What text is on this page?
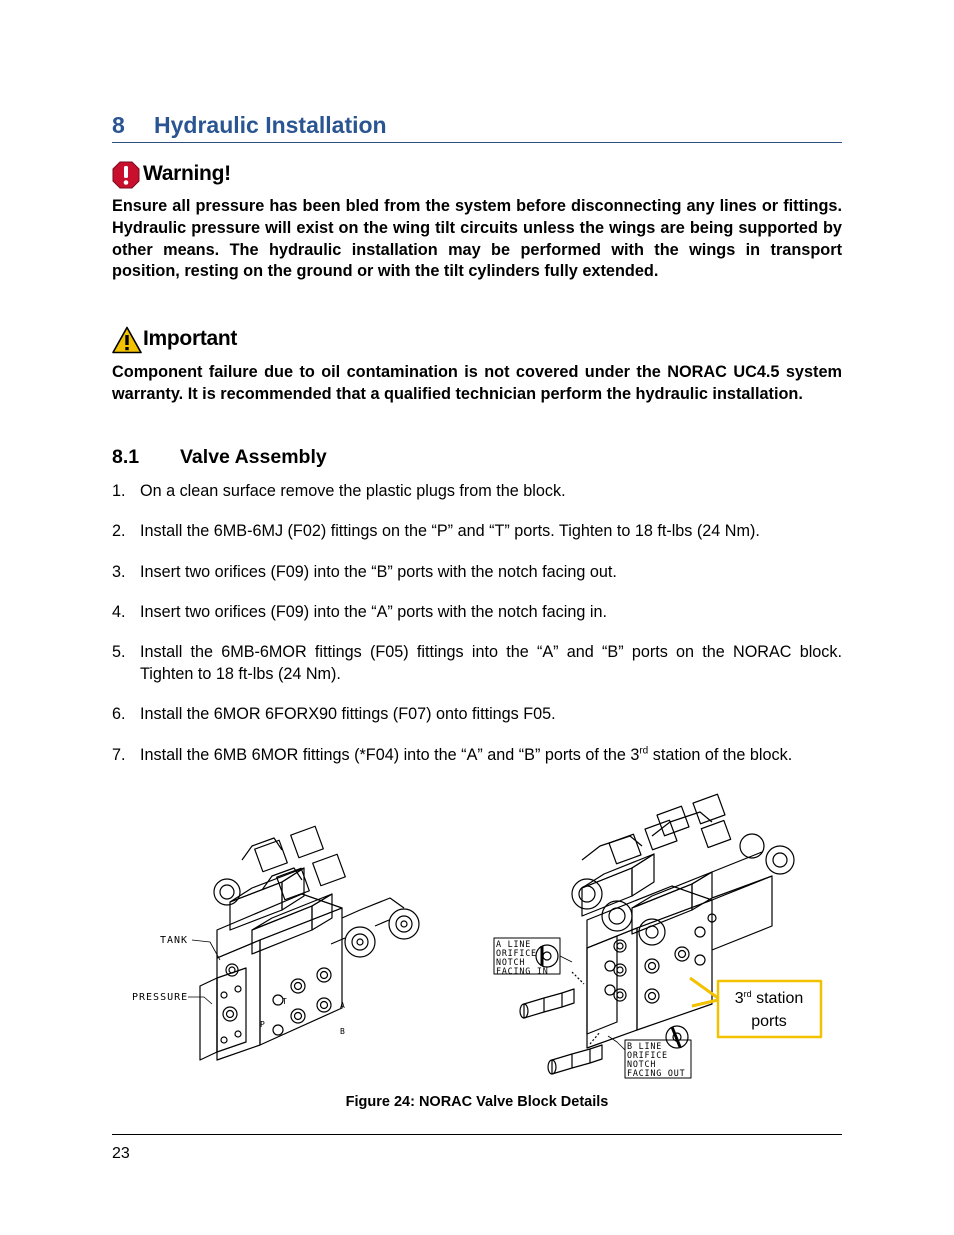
8 Hydraulic Installation
Warning!

Ensure all pressure has been bled from the system before disconnecting any lines or fittings. Hydraulic pressure will exist on the wing tilt circuits unless the wings are being supported by other means. The hydraulic installation may be performed with the wings in transport position, resting on the ground or with the tilt cylinders fully extended.

Important

Component failure due to oil contamination is not covered under the NORAC UC4.5 system warranty. It is recommended that a qualified technician perform the hydraulic installation.

8.1 Valve Assembly
1. On a clean surface remove the plastic plugs from the block.
2. Install the 6MB-6MJ (F02) fittings on the “P” and “T” ports. Tighten to 18 ft-lbs (24 Nm).
3. Insert two orifices (F09) into the “B” ports with the notch facing out.
4. Insert two orifices (F09) into the “A” ports with the notch facing in.
5. Install the 6MB-6MOR fittings (F05) fittings into the “A” and “B” ports on the NORAC block. Tighten to 18 ft-lbs (24 Nm).
6. Install the 6MOR 6FORX90 fittings (F07) onto fittings F05.
7. Install the 6MB 6MOR fittings (*F04) into the “A” and “B” ports of the 3rd station of the block.
TANK
PRESSURE
A
B
T
P
A LINE
ORIFICE
NOTCH
FACING IN
B LINE
ORIFICE
NOTCH
FACING OUT
3rd station
ports
Figure 24: NORAC Valve Block Details
23
